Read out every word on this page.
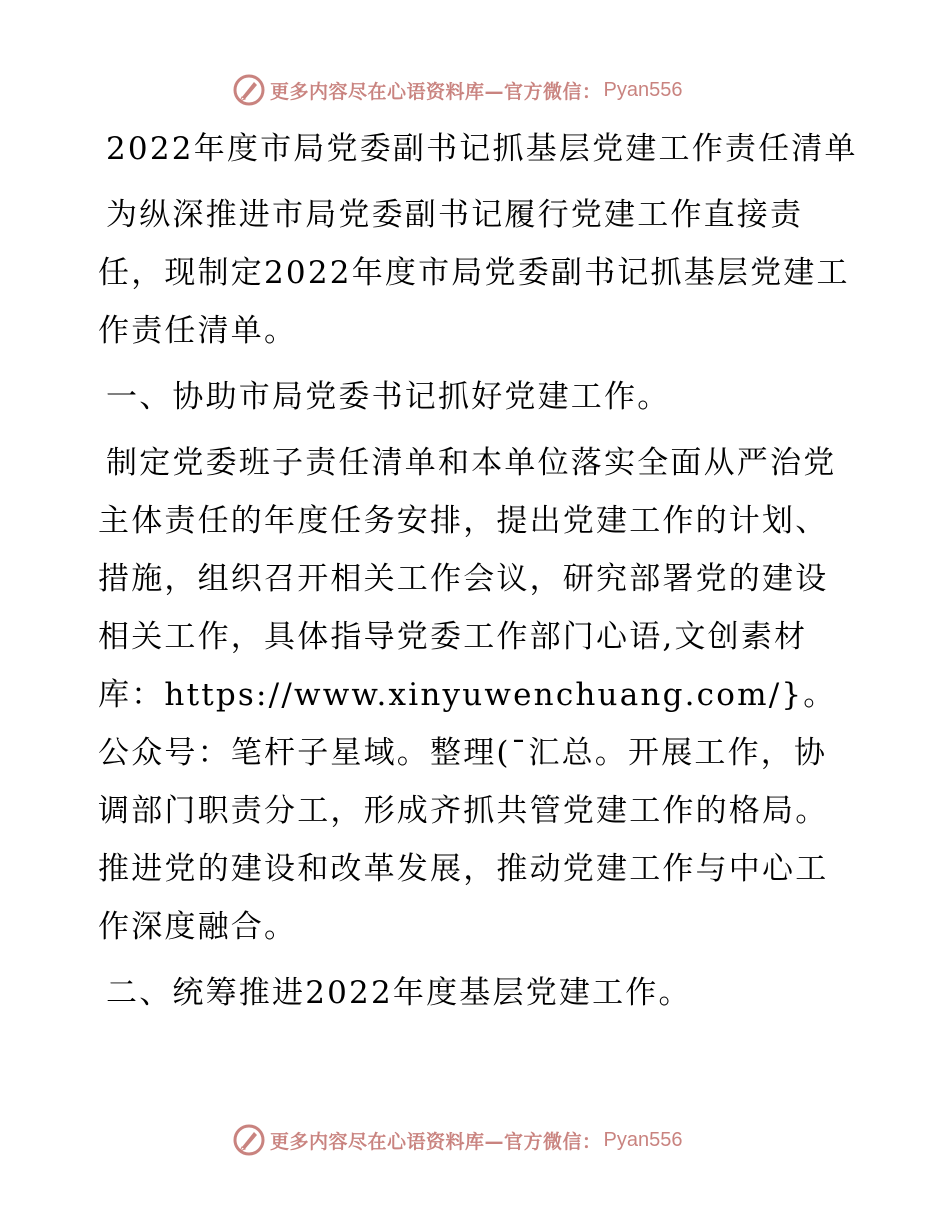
更多内容尽在心语资料库—官方微信： Pyan556

2022年度市局党委副书记抓基层党建工作责任清单

为纵深推进市局党委副书记履行党建工作直接责任，现制定2022年度市局党委副书记抓基层党建工作责任清单。

一、协助市局党委书记抓好党建工作。

制定党委班子责任清单和本单位落实全面从严治党主体责任的年度任务安排，提出党建工作的计划、措施，组织召开相关工作会议，研究部署党的建设相关工作，具体指导党委工作部门心语,文创素材库：https://www.xinyuwenchuang.com/}。公众号：笔杆子星域。整理(¯汇总。开展工作，协调部门职责分工，形成齐抓共管党建工作的格局。推进党的建设和改革发展，推动党建工作与中心工作深度融合。

二、统筹推进2022年度基层党建工作。

更多内容尽在心语资料库—官方微信： Pyan556
